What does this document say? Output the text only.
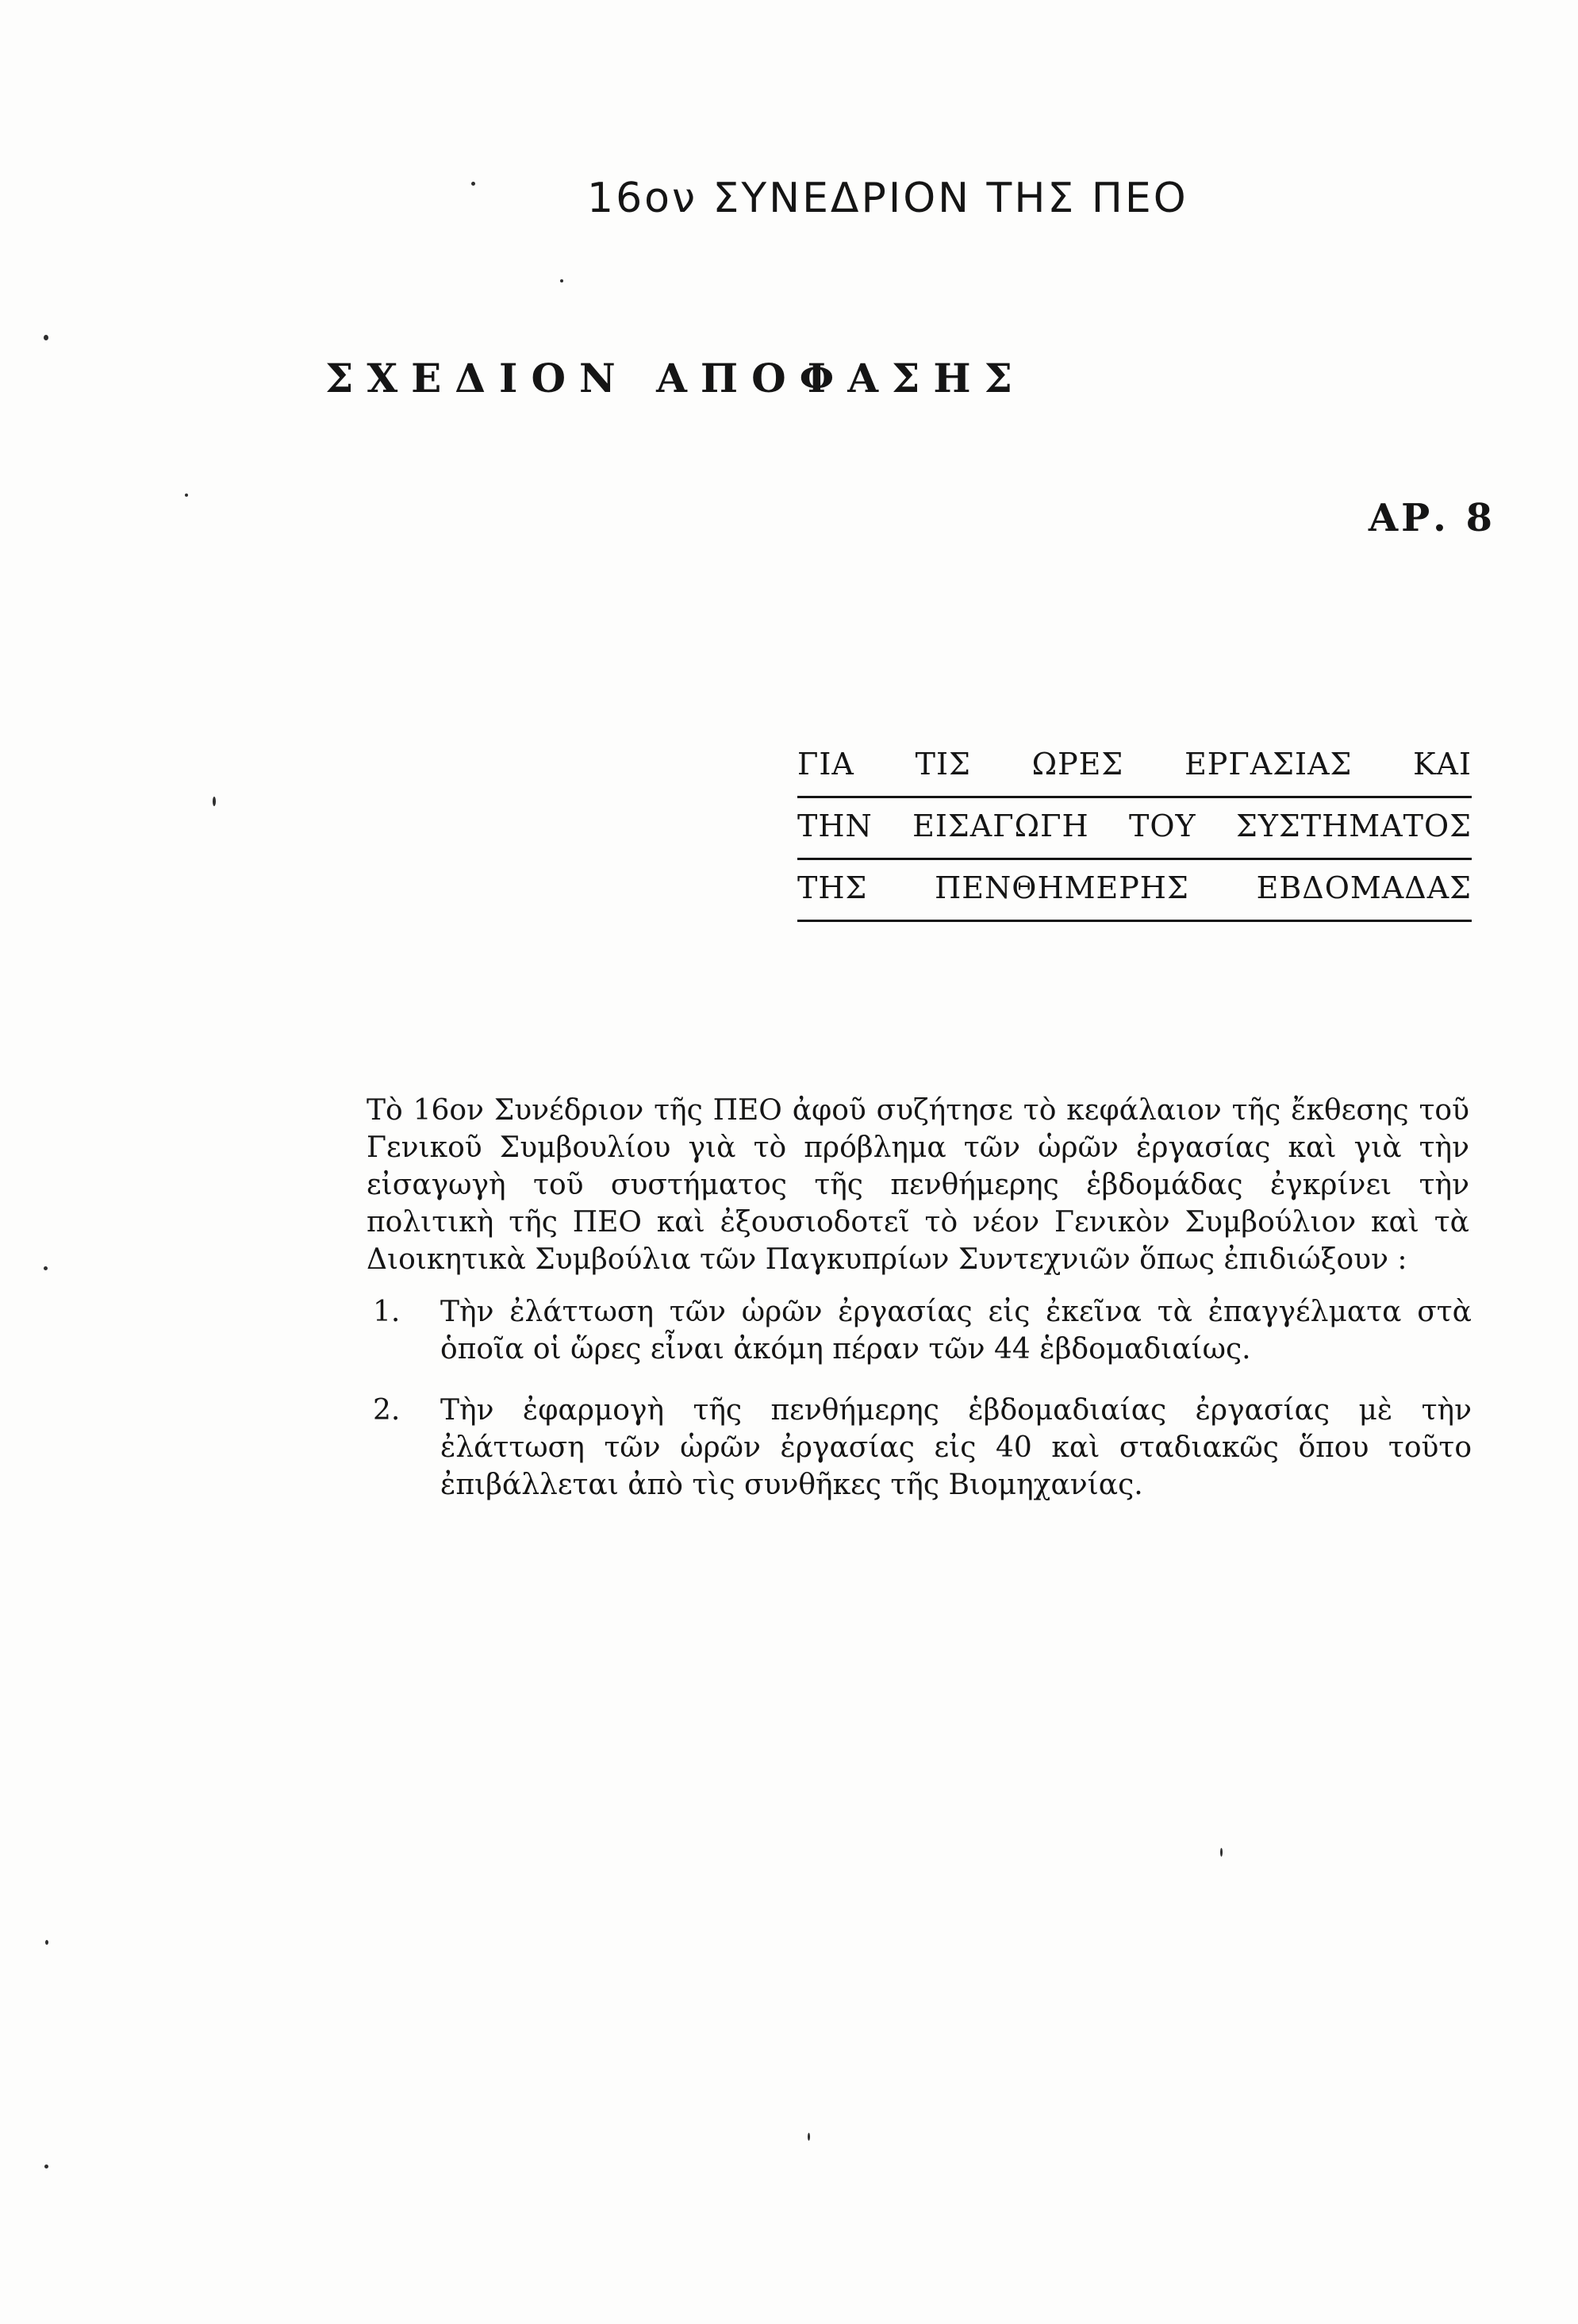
16ον ΣΥΝΕΔΡΙΟΝ ΤΗΣ ΠΕΟ
ΣΧΕΔΙΟΝ ΑΠΟΦΑΣΗΣ
ΑΡ. 8
ΓΙΑ ΤΙΣ ΩΡΕΣ ΕΡΓΑΣΙΑΣ ΚΑΙ
ΤΗΝ ΕΙΣΑΓΩΓΗ ΤΟΥ ΣΥΣΤΗΜΑΤΟΣ
ΤΗΣ ΠΕΝΘΗΜΕΡΗΣ ΕΒΔΟΜΑΔΑΣ

Τὸ 16ον Συνέδριον τῆς ΠΕΟ ἀφοῦ συζήτησε τὸ κεφάλαιον τῆς ἔκθεσης τοῦ Γενικοῦ Συμβουλίου γιὰ τὸ πρόβλημα τῶν ὡρῶν ἐργασίας καὶ γιὰ τὴν εἰσαγωγὴ τοῦ συστήματος τῆς πενθήμερης ἑβδομάδας ἐγκρίνει τὴν πολιτικὴ τῆς ΠΕΟ καὶ ἐξουσιοδοτεῖ τὸ νέον Γενικὸν Συμβούλιον καὶ τὰ Διοικητικὰ Συμβούλια τῶν Παγκυπρίων Συντεχνιῶν ὅπως ἐπιδιώξουν :

1.	Τὴν ἐλάττωση τῶν ὡρῶν ἐργασίας εἰς ἐκεῖνα τὰ ἐπαγγέλματα στὰ ὁποῖα οἱ ὥρες εἶναι ἀκόμη πέραν τῶν 44 ἑβδομαδιαίως.
2.	Τὴν ἐφαρμογὴ τῆς πενθήμερης ἑβδομαδιαίας ἐργασίας μὲ τὴν ἐλάττωση τῶν ὡρῶν ἐργασίας εἰς 40 καὶ σταδιακῶς ὅπου τοῦτο ἐπιβάλλεται ἀπὸ τὶς συνθῆκες τῆς Βιομηχανίας.
